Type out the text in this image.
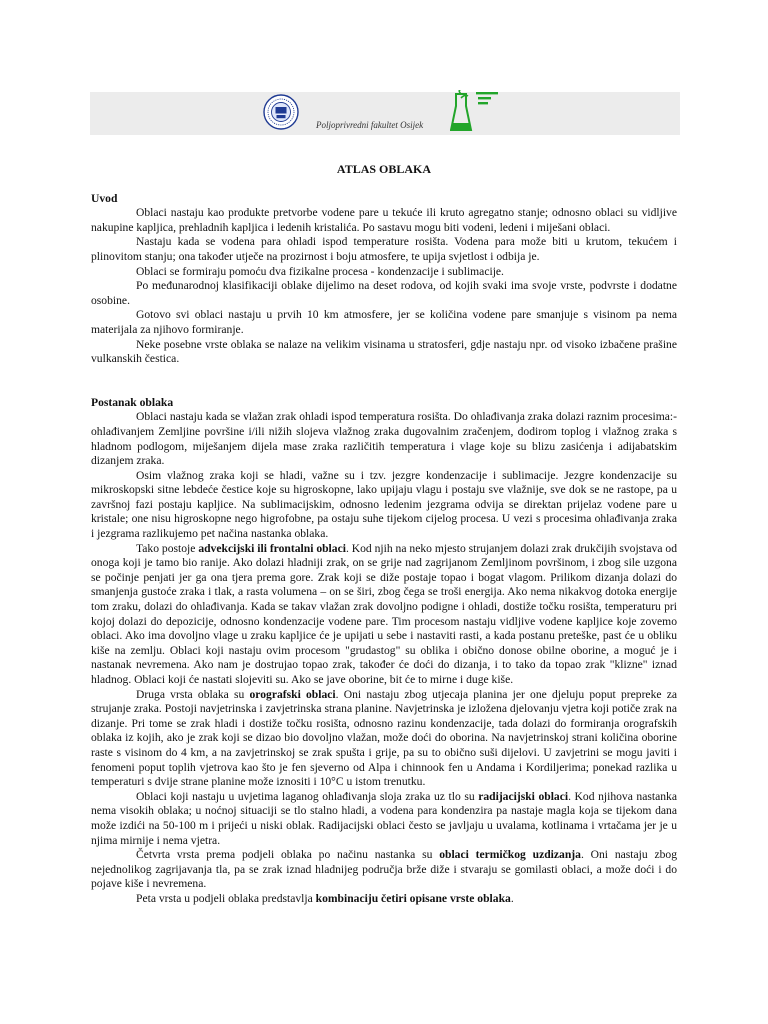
Poljoprivredni fakultet Osijek

ATLAS OBLAKA

Uvod

Oblaci nastaju kao produkte pretvorbe vodene pare u tekuće ili kruto agregatno stanje; odnosno oblaci su vidljive nakupine kapljica, prehladnih kapljica i ledenih kristalića. Po sastavu mogu biti vodeni, ledeni i miješani oblaci.

Nastaju kada se vodena para ohladi ispod temperature rosišta. Vodena para može biti u krutom, tekućem i plinovitom stanju; ona također utječe na prozirnost i boju atmosfere, te upija svjetlost i odbija je.

Oblaci se formiraju pomoću dva fizikalne procesa - kondenzacije i sublimacije.

Po međunarodnoj klasifikaciji oblake dijelimo na deset rodova, od kojih svaki ima svoje vrste, podvrste i dodatne osobine.

Gotovo svi oblaci nastaju u prvih 10 km atmosfere, jer se količina vodene pare smanjuje s visinom pa nema materijala za njihovo formiranje.

Neke posebne vrste oblaka se nalaze na velikim visinama u stratosferi, gdje nastaju npr. od visoko izbačene prašine vulkanskih čestica.

Postanak oblaka

Oblaci nastaju kada se vlažan zrak ohladi ispod temperatura rosišta. Do ohlađivanja zraka dolazi raznim procesima:- ohlađivanjem Zemljine površine i/ili nižih slojeva vlažnog zraka dugovalnim zračenjem, dodirom toplog i vlažnog zraka s hladnom podlogom, miješanjem dijela mase zraka različitih temperatura i vlage koje su blizu zasićenja i adijabatskim dizanjem zraka.

Osim vlažnog zraka koji se hladi, važne su i tzv. jezgre kondenzacije i sublimacije. Jezgre kondenzacije su mikroskopski sitne lebdeće čestice koje su higroskopne, lako upijaju vlagu i postaju sve vlažnije, sve dok se ne rastope, pa u završnoj fazi postaju kapljice. Na sublimacijskim, odnosno ledenim jezgrama odvija se direktan prijelaz vodene pare u kristale; one nisu higroskopne nego higrofobne, pa ostaju suhe tijekom cijelog procesa. U vezi s procesima ohlađivanja zraka i jezgrama razlikujemo pet načina nastanka oblaka.

Tako postoje advekcijski ili frontalni oblaci. Kod njih na neko mjesto strujanjem dolazi zrak drukčijih svojstava od onoga koji je tamo bio ranije. Ako dolazi hladniji zrak, on se grije nad zagrijanom Zemljinom površinom, i zbog sile uzgona se počinje penjati jer ga ona tjera prema gore. Zrak koji se diže postaje topao i bogat vlagom. Prilikom dizanja dolazi do smanjenja gustoće zraka i tlak, a rasta volumena – on se širi, zbog čega se troši energija. Ako nema nikakvog dotoka energije tom zraku, dolazi do ohlađivanja. Kada se takav vlažan zrak dovoljno podigne i ohladi, dostiže točku rosišta, temperaturu pri kojoj dolazi do depozicije, odnosno kondenzacije vodene pare. Tim procesom nastaju vidljive vodene kapljice koje zovemo oblaci. Ako ima dovoljno vlage u zraku kapljice će je upijati u sebe i nastaviti rasti, a kada postanu preteške, past će u obliku kiše na zemlju. Oblaci koji nastaju ovim procesom "grudastog" su oblika i obično donose obilne oborine, a moguć je i nastanak nevremena. Ako nam je dostrujao topao zrak, također će doći do dizanja, i to tako da topao zrak "klizne" iznad hladnog. Oblaci koji će nastati slojeviti su. Ako se jave oborine, bit će to mirne i duge kiše.

Druga vrsta oblaka su orografski oblaci. Oni nastaju zbog utjecaja planina jer one djeluju poput prepreke za strujanje zraka. Postoji navjetrinska i zavjetrinska strana planine. Navjetrinska je izložena djelovanju vjetra koji potiče zrak na dizanje. Pri tome se zrak hladi i dostiže točku rosišta, odnosno razinu kondenzacije, tada dolazi do formiranja orografskih oblaka iz kojih, ako je zrak koji se dizao bio dovoljno vlažan, može doći do oborina. Na navjetrinskoj strani količina oborine raste s visinom do 4 km, a na zavjetrinskoj se zrak spušta i grije, pa su to obično suši dijelovi. U zavjetrini se mogu javiti i fenomeni poput toplih vjetrova kao što je fen sjeverno od Alpa i chinnook fen u Andama i Kordiljerima; ponekad razlika u temperaturi s dvije strane planine može iznositi i 10°C u istom trenutku.

Oblaci koji nastaju u uvjetima laganog ohlađivanja sloja zraka uz tlo su radijacijski oblaci. Kod njihova nastanka nema visokih oblaka; u noćnoj situaciji se tlo stalno hladi, a vodena para kondenzira pa nastaje magla koja se tijekom dana može izdići na 50-100 m i prijeći u niski oblak. Radijacijski oblaci često se javljaju u uvalama, kotlinama i vrtačama jer je u njima mirnije i nema vjetra.

Četvrta vrsta prema podjeli oblaka po načinu nastanka su oblaci termičkog uzdizanja. Oni nastaju zbog nejednolikog zagrijavanja tla, pa se zrak iznad hladnijeg područja brže diže i stvaraju se gomilasti oblaci, a može doći i do pojave kiše i nevremena.

Peta vrsta u podjeli oblaka predstavlja kombinaciju četiri opisane vrste oblaka.
